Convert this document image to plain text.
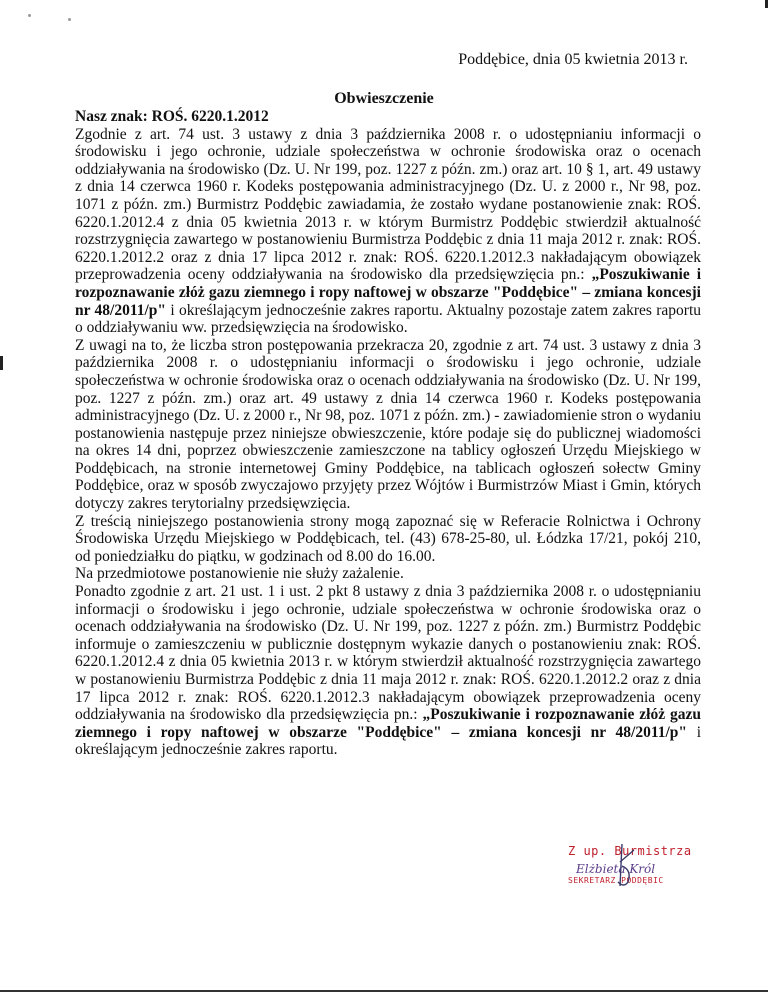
Poddębice, dnia 05 kwietnia 2013 r.
Obwieszczenie

Nasz znak: ROŚ. 6220.1.2012

Zgodnie z art. 74 ust. 3 ustawy z dnia 3 października 2008 r. o udostępnianiu informacji o środowisku i jego ochronie, udziale społeczeństwa w ochronie środowiska oraz o ocenach oddziaływania na środowisko (Dz. U. Nr 199, poz. 1227 z późn. zm.) oraz art. 10 § 1, art. 49 ustawy z dnia 14 czerwca 1960 r. Kodeks postępowania administracyjnego (Dz. U. z 2000 r., Nr 98, poz. 1071 z późn. zm.) Burmistrz Poddębic zawiadamia, że zostało wydane postanowienie znak: ROŚ. 6220.1.2012.4 z dnia 05 kwietnia 2013 r. w którym Burmistrz Poddębic stwierdził aktualność rozstrzygnięcia zawartego w postanowieniu Burmistrza Poddębic z dnia 11 maja 2012 r. znak: ROŚ. 6220.1.2012.2 oraz z dnia 17 lipca 2012 r. znak: ROŚ. 6220.1.2012.3 nakładającym obowiązek przeprowadzenia oceny oddziaływania na środowisko dla przedsięwzięcia pn.: „Poszukiwanie i rozpoznawanie złóż gazu ziemnego i ropy naftowej w obszarze "Poddębice" – zmiana koncesji nr 48/2011/p" i określającym jednocześnie zakres raportu. Aktualny pozostaje zatem zakres raportu o oddziaływaniu ww. przedsięwzięcia na środowisko.

Z uwagi na to, że liczba stron postępowania przekracza 20, zgodnie z art. 74 ust. 3 ustawy z dnia 3 października 2008 r. o udostępnianiu informacji o środowisku i jego ochronie, udziale społeczeństwa w ochronie środowiska oraz o ocenach oddziaływania na środowisko (Dz. U. Nr 199, poz. 1227 z późn. zm.) oraz art. 49 ustawy z dnia 14 czerwca 1960 r. Kodeks postępowania administracyjnego (Dz. U. z 2000 r., Nr 98, poz. 1071 z późn. zm.) - zawiadomienie stron o wydaniu postanowienia następuje przez niniejsze obwieszczenie, które podaje się do publicznej wiadomości na okres 14 dni, poprzez obwieszczenie zamieszczone na tablicy ogłoszeń Urzędu Miejskiego w Poddębicach, na stronie internetowej Gminy Poddębice, na tablicach ogłoszeń sołectw Gminy Poddębice, oraz w sposób zwyczajowo przyjęty przez Wójtów i Burmistrzów Miast i Gmin, których dotyczy zakres terytorialny przedsięwzięcia.

Z treścią niniejszego postanowienia strony mogą zapoznać się w Referacie Rolnictwa i Ochrony Środowiska Urzędu Miejskiego w Poddębicach, tel. (43) 678-25-80, ul. Łódzka 17/21, pokój 210, od poniedziałku do piątku, w godzinach od 8.00 do 16.00.

Na przedmiotowe postanowienie nie służy zażalenie.

Ponadto zgodnie z art. 21 ust. 1 i ust. 2 pkt 8 ustawy z dnia 3 października 2008 r. o udostępnianiu informacji o środowisku i jego ochronie, udziale społeczeństwa w ochronie środowiska oraz o ocenach oddziaływania na środowisko (Dz. U. Nr 199, poz. 1227 z późn. zm.) Burmistrz Poddębic informuje o zamieszczeniu w publicznie dostępnym wykazie danych o postanowieniu znak: ROŚ. 6220.1.2012.4 z dnia 05 kwietnia 2013 r. w którym stwierdził aktualność rozstrzygnięcia zawartego w postanowieniu Burmistrza Poddębic z dnia 11 maja 2012 r. znak: ROŚ. 6220.1.2012.2 oraz z dnia 17 lipca 2012 r. znak: ROŚ. 6220.1.2012.3 nakładającym obowiązek przeprowadzenia oceny oddziaływania na środowisko dla przedsięwzięcia pn.: „Poszukiwanie i rozpoznawanie złóż gazu ziemnego i ropy naftowej w obszarze "Poddębice" – zmiana koncesji nr 48/2011/p" i określającym jednocześnie zakres raportu.

Z up. Burmistrza
Elżbieta Król
SEKRETARZ PODDĘBIC
